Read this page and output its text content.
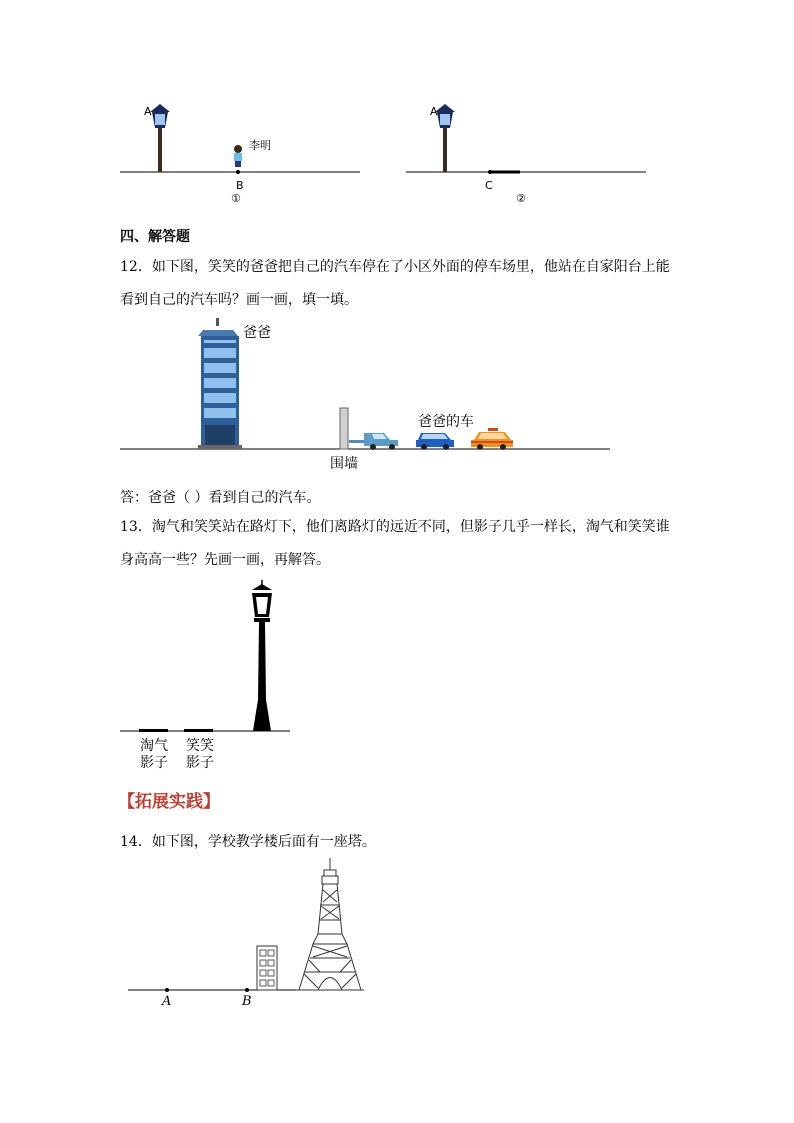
A
B
李明
①
A
C
②
四、解答题
12．如下图，笑笑的爸爸把自己的汽车停在了小区外面的停车场里，他站在自家阳台上能
看到自己的汽车吗？画一画，填一填。
爸爸
围墙
爸爸的车
答：爸爸（ ）看到自己的汽车。
13．淘气和笑笑站在路灯下，他们离路灯的远近不同，但影子几乎一样长，淘气和笑笑谁
身高高一些？先画一画，再解答。
淘气
影子
笑笑
影子
【拓展实践】
14．如下图，学校教学楼后面有一座塔。
A	B
